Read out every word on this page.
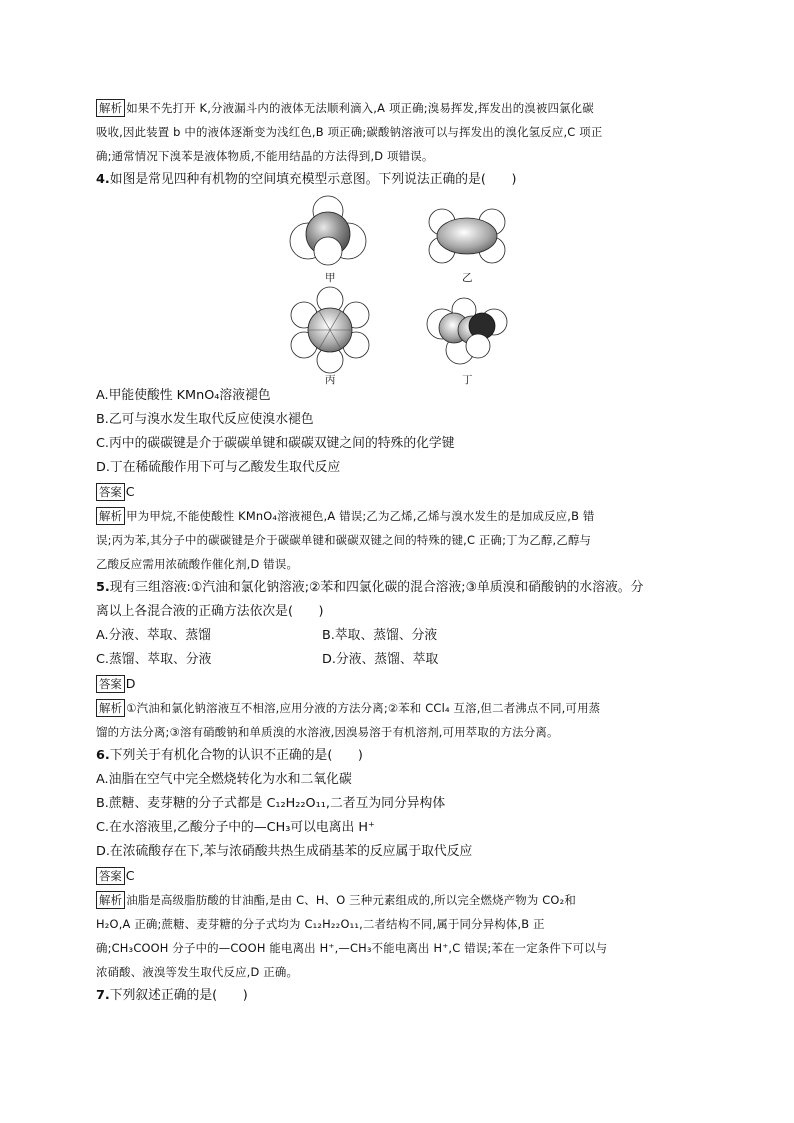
解析 如果不先打开 K,分液漏斗内的液体无法顺利滴入,A 项正确;溴易挥发,挥发出的溴被四氯化碳
吸收,因此装置 b 中的液体逐渐变为浅红色,B 项正确;碳酸钠溶液可以与挥发出的溴化氢反应,C 项正
确;通常情况下溴苯是液体物质,不能用结晶的方法得到,D 项错误。
4.如图是常见四种有机物的空间填充模型示意图。下列说法正确的是(　　)
甲	乙
丙	丁
A.甲能使酸性 KMnO₄溶液褪色
B.乙可与溴水发生取代反应使溴水褪色
C.丙中的碳碳键是介于碳碳单键和碳碳双键之间的特殊的化学键
D.丁在稀硫酸作用下可与乙酸发生取代反应
答案 C
解析 甲为甲烷,不能使酸性 KMnO₄溶液褪色,A 错误;乙为乙烯,乙烯与溴水发生的是加成反应,B 错
误;丙为苯,其分子中的碳碳键是介于碳碳单键和碳碳双键之间的特殊的键,C 正确;丁为乙醇,乙醇与
乙酸反应需用浓硫酸作催化剂,D 错误。
5.现有三组溶液:①汽油和氯化钠溶液;②苯和四氯化碳的混合溶液;③单质溴和硝酸钠的水溶液。分
离以上各混合液的正确方法依次是(　　)
A.分液、萃取、蒸馏	B.萃取、蒸馏、分液
C.蒸馏、萃取、分液	D.分液、蒸馏、萃取
答案 D
解析 ①汽油和氯化钠溶液互不相溶,应用分液的方法分离;②苯和 CCl₄ 互溶,但二者沸点不同,可用蒸
馏的方法分离;③溶有硝酸钠和单质溴的水溶液,因溴易溶于有机溶剂,可用萃取的方法分离。
6.下列关于有机化合物的认识不正确的是(　　)
A.油脂在空气中完全燃烧转化为水和二氧化碳
B.蔗糖、麦芽糖的分子式都是 C₁₂H₂₂O₁₁,二者互为同分异构体
C.在水溶液里,乙酸分子中的—CH₃可以电离出 H⁺
D.在浓硫酸存在下,苯与浓硝酸共热生成硝基苯的反应属于取代反应
答案 C
解析 油脂是高级脂肪酸的甘油酯,是由 C、H、O 三种元素组成的,所以完全燃烧产物为 CO₂和
H₂O,A 正确;蔗糖、麦芽糖的分子式均为 C₁₂H₂₂O₁₁,二者结构不同,属于同分异构体,B 正
确;CH₃COOH 分子中的—COOH 能电离出 H⁺,—CH₃不能电离出 H⁺,C 错误;苯在一定条件下可以与
浓硝酸、液溴等发生取代反应,D 正确。
7.下列叙述正确的是(　　)
